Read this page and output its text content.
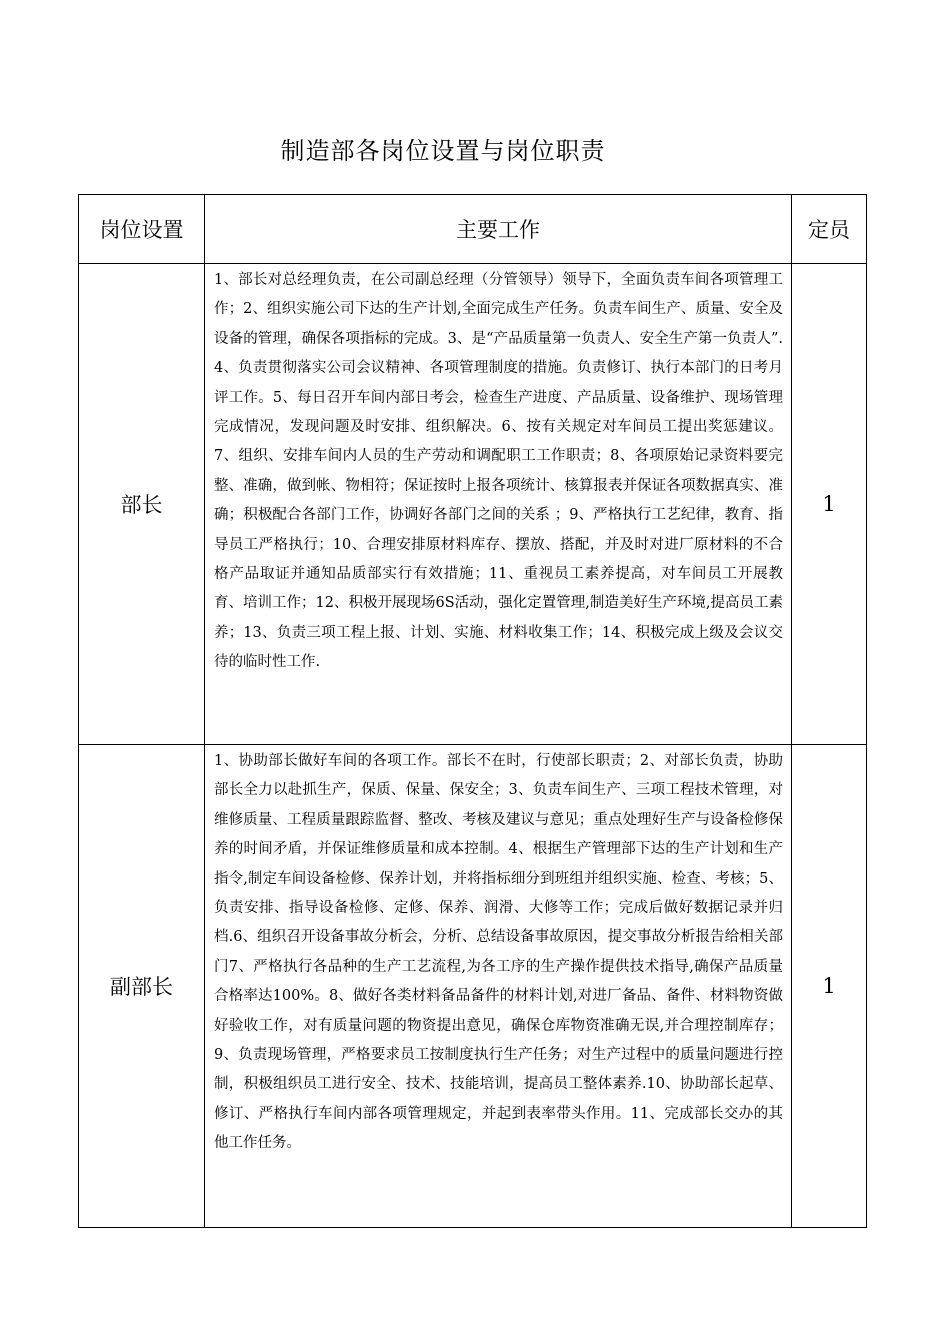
制造部各岗位设置与岗位职责
岗位设置	主要工作	定员
部长	1、部长对总经理负责，在公司副总经理（分管领导）领导下，全面负责车间各项管理工作；2、组织实施公司下达的生产计划,全面完成生产任务。负责车间生产、质量、安全及设备的管理，确保各项指标的完成。3、是“产品质量第一负责人、安全生产第一负责人”.4、负责贯彻落实公司会议精神、各项管理制度的措施。负责修订、执行本部门的日考月评工作。5、每日召开车间内部日考会，检查生产进度、产品质量、设备维护、现场管理完成情况，发现问题及时安排、组织解决。6、按有关规定对车间员工提出奖惩建议。7、组织、安排车间内人员的生产劳动和调配职工工作职责；8、各项原始记录资料要完整、准确，做到帐、物相符；保证按时上报各项统计、核算报表并保证各项数据真实、准确；积极配合各部门工作，协调好各部门之间的关系 ；9、严格执行工艺纪律，教育、指导员工严格执行；10、合理安排原材料库存、摆放、搭配，并及时对进厂原材料的不合格产品取证并通知品质部实行有效措施；11、重视员工素养提高，对车间员工开展教育、培训工作；12、积极开展现场6S活动，强化定置管理,制造美好生产环境,提高员工素养；13、负责三项工程上报、计划、实施、材料收集工作；14、积极完成上级及会议交待的临时性工作.	1
副部长	1、协助部长做好车间的各项工作。部长不在时，行使部长职责；2、对部长负责，协助部长全力以赴抓生产，保质、保量、保安全；3、负责车间生产、三项工程技术管理，对维修质量、工程质量跟踪监督、整改、考核及建议与意见；重点处理好生产与设备检修保养的时间矛盾，并保证维修质量和成本控制。4、根据生产管理部下达的生产计划和生产指令,制定车间设备检修、保养计划，并将指标细分到班组并组织实施、检查、考核；5、负责安排、指导设备检修、定修、保养、润滑、大修等工作；完成后做好数据记录并归档.6、组织召开设备事故分析会，分析、总结设备事故原因，提交事故分析报告给相关部门7、严格执行各品种的生产工艺流程,为各工序的生产操作提供技术指导,确保产品质量合格率达100%。8、做好各类材料备品备件的材料计划,对进厂备品、备件、材料物资做好验收工作，对有质量问题的物资提出意见，确保仓库物资准确无误,并合理控制库存；9、负责现场管理，严格要求员工按制度执行生产任务；对生产过程中的质量问题进行控制，积极组织员工进行安全、技术、技能培训，提高员工整体素养.10、协助部长起草、修订、严格执行车间内部各项管理规定，并起到表率带头作用。11、完成部长交办的其他工作任务。	1
